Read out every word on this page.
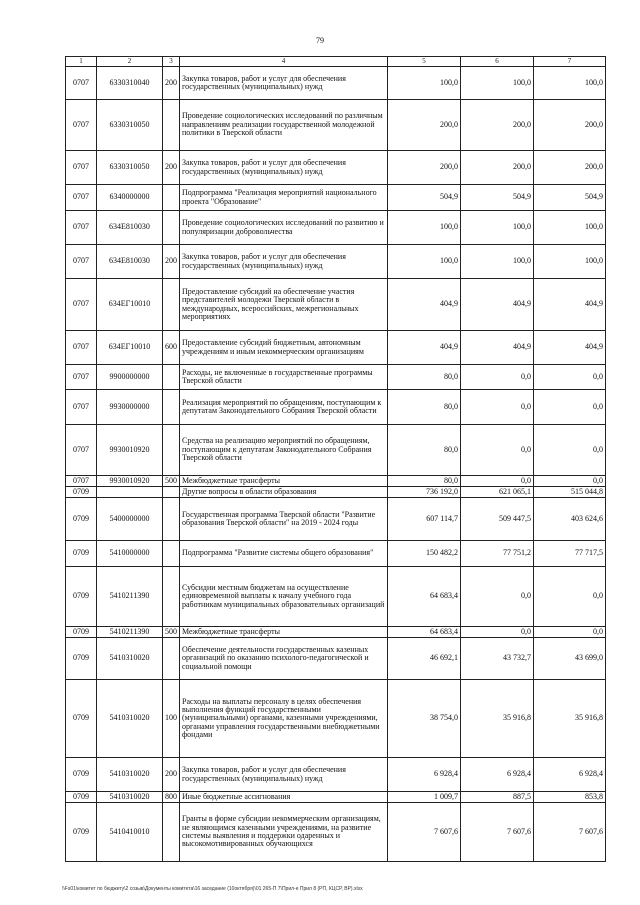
79
1	2	3	4	5	6	7
0707	6330310040	200	Закупка товаров, работ и услуг для обеспечения государственных (муниципальных) нужд	100,0	100,0	100,0
0707	6330310050		Проведение социологических исследований по различным направлениям реализации государственной молодежной политики в Тверской области	200,0	200,0	200,0
0707	6330310050	200	Закупка товаров, работ и услуг для обеспечения государственных (муниципальных) нужд	200,0	200,0	200,0
0707	6340000000		Подпрограмма "Реализация мероприятий национального проекта "Образование"	504,9	504,9	504,9
0707	634E810030		Проведение социологических исследований по развитию и популяризации добровольчества	100,0	100,0	100,0
0707	634E810030	200	Закупка товаров, работ и услуг для обеспечения государственных (муниципальных) нужд	100,0	100,0	100,0
0707	634ЕГ10010		Предоставление субсидий на обеспечение участия представителей молодежи Тверской области в международных, всероссийских, межрегиональных мероприятиях	404,9	404,9	404,9
0707	634ЕГ10010	600	Предоставление субсидий бюджетным, автономным учреждениям и иным некоммерческим организациям	404,9	404,9	404,9
0707	9900000000		Расходы, не включенные в государственные программы Тверской области	80,0	0,0	0,0
0707	9930000000		Реализация мероприятий по обращениям, поступающим к депутатам Законодательного Собрания Тверской области	80,0	0,0	0,0
0707	9930010920		Средства на реализацию мероприятий по обращениям, поступающим к депутатам Законодательного Собрания Тверской области	80,0	0,0	0,0
0707	9930010920	500	Межбюджетные трансферты	80,0	0,0	0,0
0709			Другие вопросы в области образования	736 192,0	621 065,1	515 044,8
0709	5400000000		Государственная программа Тверской области "Развитие образования Тверской области" на 2019 - 2024 годы	607 114,7	509 447,5	403 624,6
0709	5410000000		Подпрограмма "Развитие системы общего образования"	150 482,2	77 751,2	77 717,5
0709	5410211390		Субсидии местным бюджетам на осуществление единовременной выплаты к началу учебного года работникам муниципальных образовательных организаций	64 683,4	0,0	0,0
0709	5410211390	500	Межбюджетные трансферты	64 683,4	0,0	0,0
0709	5410310020		Обеспечение деятельности государственных казенных организаций по оказанию психолого-педагогической и социальной помощи	46 692,1	43 732,7	43 699,0
0709	5410310020	100	Расходы на выплаты персоналу в целях обеспечения выполнения функций государственными (муниципальными) органами, казенными учреждениями, органами управления государственными внебюджетными фондами	38 754,0	35 916,8	35 916,8
0709	5410310020	200	Закупка товаров, работ и услуг для обеспечения государственных (муниципальных) нужд	6 928,4	6 928,4	6 928,4
0709	5410310020	800	Иные бюджетные ассигнования	1 009,7	887,5	853,8
0709	5410410010		Гранты в форме субсидии некоммерческим организациям, не являющимся казенными учреждениями, на развитие системы выявления и поддержки одаренных и высокомотивированных обучающихся	7 607,6	7 607,6	7 607,6
\\Fs01\комитет по бюджету\2 созыв\Документы комитета\16 заседание (10октября)\01 265-П 7\Прил-е Прил 8 (РП, КЦСР, ВР).xlsx
